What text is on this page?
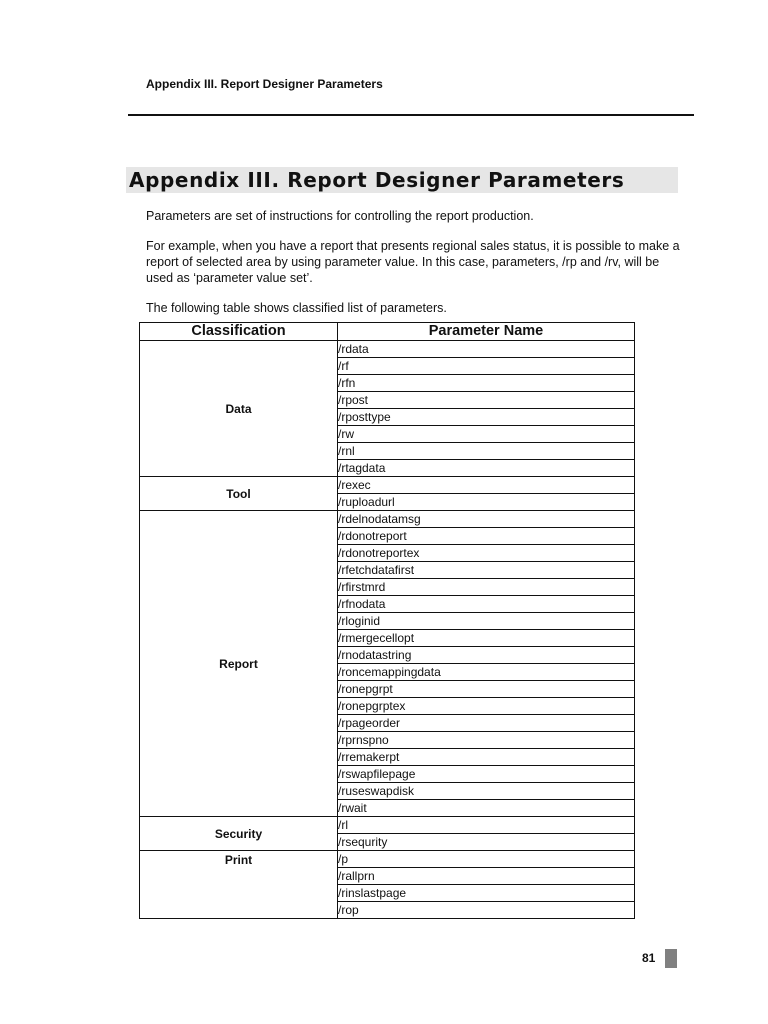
Appendix III. Report Designer Parameters
Appendix III. Report Designer Parameters

Parameters are set of instructions for controlling the report production.

For example, when you have a report that presents regional sales status, it is possible to make a report of selected area by using parameter value. In this case, parameters, /rp and /rv, will be used as ‘parameter value set’.

The following table shows classified list of parameters.

Classification	Parameter Name
Data	/rdata
	/rf
	/rfn
	/rpost
	/rposttype
	/rw
	/rnl
	/rtagdata
Tool	/rexec
	/ruploadurl
Report	/rdelnodatamsg
	/rdonotreport
	/rdonotreportex
	/rfetchdatafirst
	/rfirstmrd
	/rfnodata
	/rloginid
	/rmergecellopt
	/rnodatastring
	/roncemappingdata
	/ronepgrpt
	/ronepgrptex
	/rpageorder
	/rprnspno
	/rremakerpt
	/rswapfilepage
	/ruseswapdisk
	/rwait
Security	/rl
	/rsequrity
Print	/p
	/rallprn
	/rinslastpage
	/rop
81
